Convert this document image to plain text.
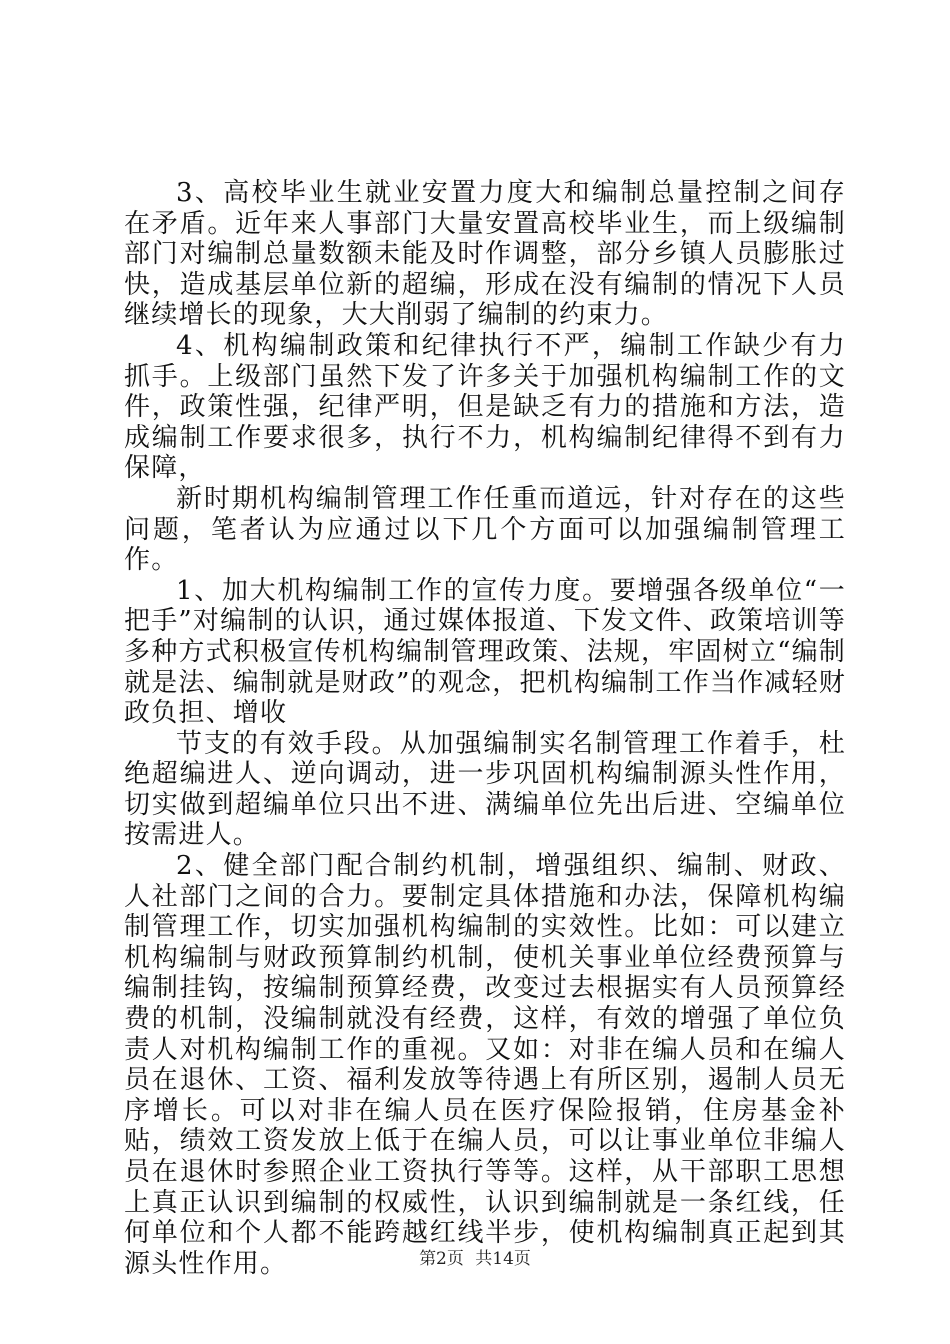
3、高校毕业生就业安置力度大和编制总量控制之间存在矛盾。近年来人事部门大量安置高校毕业生，而上级编制部门对编制总量数额未能及时作调整，部分乡镇人员膨胀过快，造成基层单位新的超编，形成在没有编制的情况下人员继续增长的现象，大大削弱了编制的约束力。

4、机构编制政策和纪律执行不严，编制工作缺少有力抓手。上级部门虽然下发了许多关于加强机构编制工作的文件，政策性强，纪律严明，但是缺乏有力的措施和方法，造成编制工作要求很多，执行不力，机构编制纪律得不到有力保障，

新时期机构编制管理工作任重而道远，针对存在的这些问题，笔者认为应通过以下几个方面可以加强编制管理工作。

1、加大机构编制工作的宣传力度。要增强各级单位“一把手”对编制的认识，通过媒体报道、下发文件、政策培训等多种方式积极宣传机构编制管理政策、法规，牢固树立“编制就是法、编制就是财政”的观念，把机构编制工作当作减轻财政负担、增收

节支的有效手段。从加强编制实名制管理工作着手，杜绝超编进人、逆向调动，进一步巩固机构编制源头性作用，切实做到超编单位只出不进、满编单位先出后进、空编单位按需进人。

2、健全部门配合制约机制，增强组织、编制、财政、人社部门之间的合力。要制定具体措施和办法，保障机构编制管理工作，切实加强机构编制的实效性。比如：可以建立机构编制与财政预算制约机制，使机关事业单位经费预算与编制挂钩，按编制预算经费，改变过去根据实有人员预算经费的机制，没编制就没有经费，这样，有效的增强了单位负责人对机构编制工作的重视。又如：对非在编人员和在编人员在退休、工资、福利发放等待遇上有所区别，遏制人员无序增长。可以对非在编人员在医疗保险报销，住房基金补贴，绩效工资发放上低于在编人员，可以让事业单位非编人员在退休时参照企业工资执行等等。这样，从干部职工思想上真正认识到编制的权威性，认识到编制就是一条红线，任何单位和个人都不能跨越红线半步，使机构编制真正起到其源头性作用。	第2页 共14页
